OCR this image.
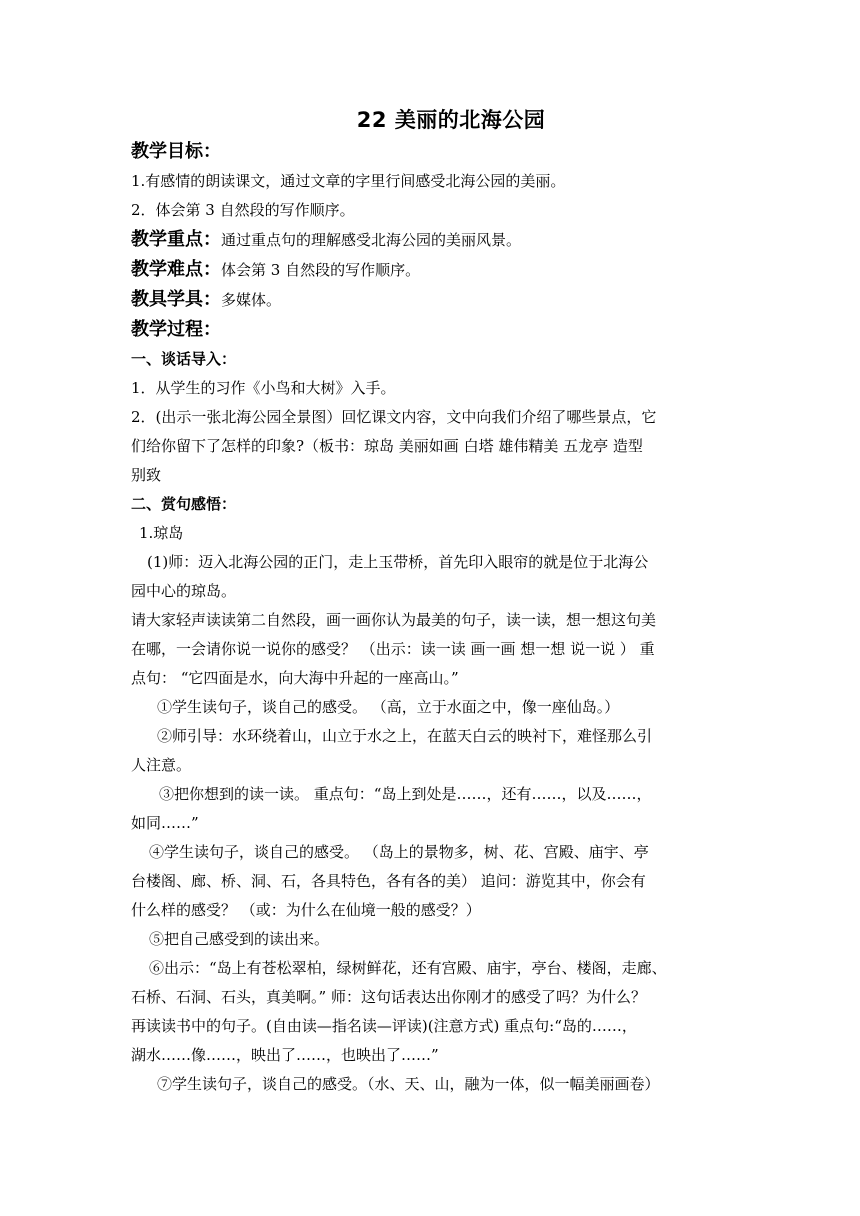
22 美丽的北海公园
教学目标：
1.有感情的朗读课文，通过文章的字里行间感受北海公园的美丽。
2．体会第 3 自然段的写作顺序。
教学重点：通过重点句的理解感受北海公园的美丽风景。
教学难点：体会第 3 自然段的写作顺序。
教具学具：多媒体。
教学过程：
一、谈话导入：
1．从学生的习作《小鸟和大树》入手。
2．(出示一张北海公园全景图）回忆课文内容，文中向我们介绍了哪些景点，它
们给你留下了怎样的印象?（板书：琼岛 美丽如画 白塔 雄伟精美 五龙亭 造型
别致
二、赏句感悟：
1.琼岛
(1)师：迈入北海公园的正门，走上玉带桥，首先印入眼帘的就是位于北海公
园中心的琼岛。
请大家轻声读读第二自然段，画一画你认为最美的句子，读一读，想一想这句美
在哪，一会请你说一说你的感受？ （出示：读一读 画一画 想一想 说一说 ） 重
点句： “它四面是水，向大海中升起的一座高山。”
①学生读句子，谈自己的感受。 （高，立于水面之中，像一座仙岛。）
②师引导：水环绕着山，山立于水之上，在蓝天白云的映衬下，难怪那么引
人注意。
③把你想到的读一读。 重点句：“岛上到处是……，还有……，以及……，
如同……”
④学生读句子，谈自己的感受。 （岛上的景物多，树、花、宫殿、庙宇、亭
台楼阁、廊、桥、洞、石，各具特色，各有各的美） 追问：游览其中，你会有
什么样的感受？ （或：为什么在仙境一般的感受？）
⑤把自己感受到的读出来。
⑥出示：“岛上有苍松翠柏，绿树鲜花，还有宫殿、庙宇，亭台、楼阁，走廊、
石桥、石洞、石头，真美啊。” 师：这句话表达出你刚才的感受了吗？为什么？
再读读书中的句子。(自由读—指名读—评读)(注意方式) 重点句:“岛的……，
湖水……像……，映出了……，也映出了……”
⑦学生读句子，谈自己的感受。（水、天、山，融为一体，似一幅美丽画卷）
